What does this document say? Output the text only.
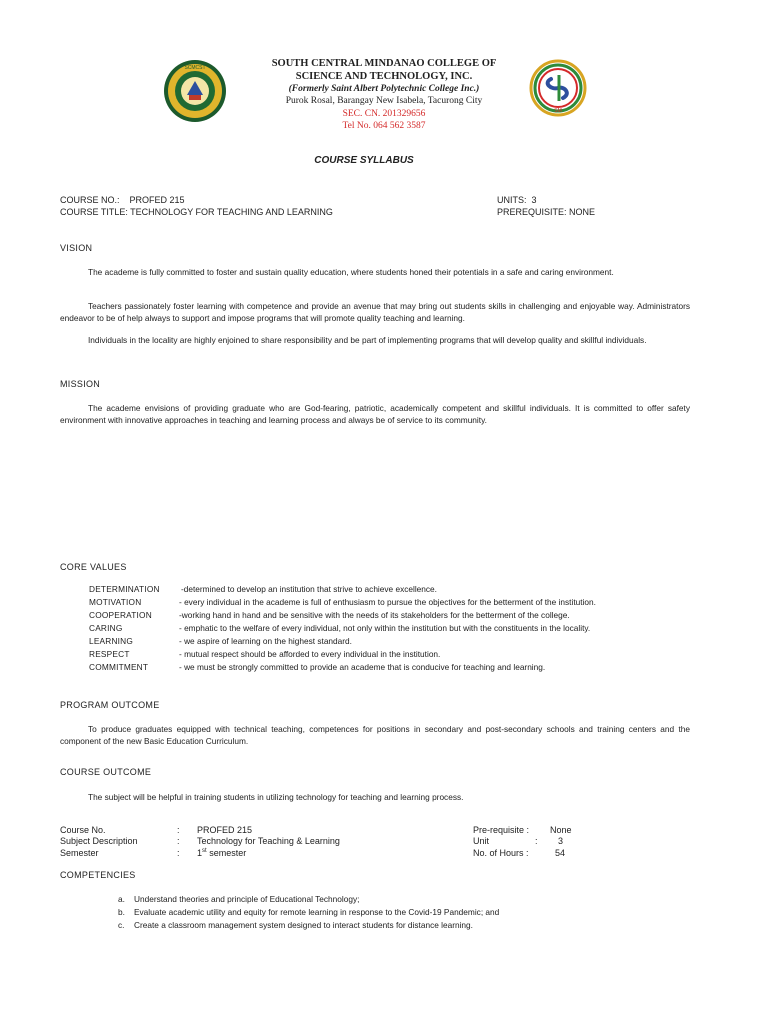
SCMCST
SM
SOUTH CENTRAL MINDANAO COLLEGE OF
SCIENCE AND TECHNOLOGY, INC.
(Formerly Saint Albert Polytechnic College Inc.)
Purok Rosal, Barangay New Isabela, Tacurong City
SEC. CN. 201329656
Tel No. 064 562 3587
COURSE SYLLABUS
COURSE NO.:    PROFED 215
COURSE TITLE: TECHNOLOGY FOR TEACHING AND LEARNING
UNITS:  3
PREREQUISITE: NONE
VISION
The academe is fully committed to foster and sustain quality education, where students honed their potentials in a safe and caring environment.
Teachers passionately foster learning with competence and provide an avenue that may bring out students skills in challenging and enjoyable way. Administrators endeavor to be of help always to support and impose programs that will promote quality teaching and learning.
Individuals in the locality are highly enjoined to share responsibility and be part of implementing programs that will develop quality and skillful individuals.
MISSION
The academe envisions of providing graduate who are God-fearing, patriotic, academically competent and skillful individuals. It is committed to offer safety environment with innovative approaches in teaching and learning process and always be of service to its community.
CORE VALUES
DETERMINATION	-determined to develop an institution that strive to achieve excellence.
MOTIVATION	- every individual in the academe is full of enthusiasm to pursue the objectives for the betterment of the institution.
COOPERATION	-working hand in hand and be sensitive with the needs of its stakeholders for the betterment of the college.
CARING	- emphatic to the welfare of every individual, not only within the institution but with the constituents in the locality.
LEARNING	- we aspire of learning on the highest standard.
RESPECT	- mutual respect should be afforded to every individual in the institution.
COMMITMENT	- we must be strongly committed to provide an academe that is conducive for teaching and learning.
PROGRAM OUTCOME
To produce graduates equipped with technical teaching, competences for positions in secondary and post-secondary schools and training centers and the component of the new Basic Education Curriculum.
COURSE OUTCOME
The subject will be helpful in training students in utilizing technology for teaching and learning process.
Course No.	: PROFED 215
Subject Description	: Technology for Teaching & Learning
Semester	: 1st semester
Pre-requisite : None
Unit	: 3
No. of Hours :	54
COMPETENCIES
a. Understand theories and principle of Educational Technology;
b. Evaluate academic utility and equity for remote learning in response to the Covid-19 Pandemic; and
c. Create a classroom management system designed to interact students for distance learning.
